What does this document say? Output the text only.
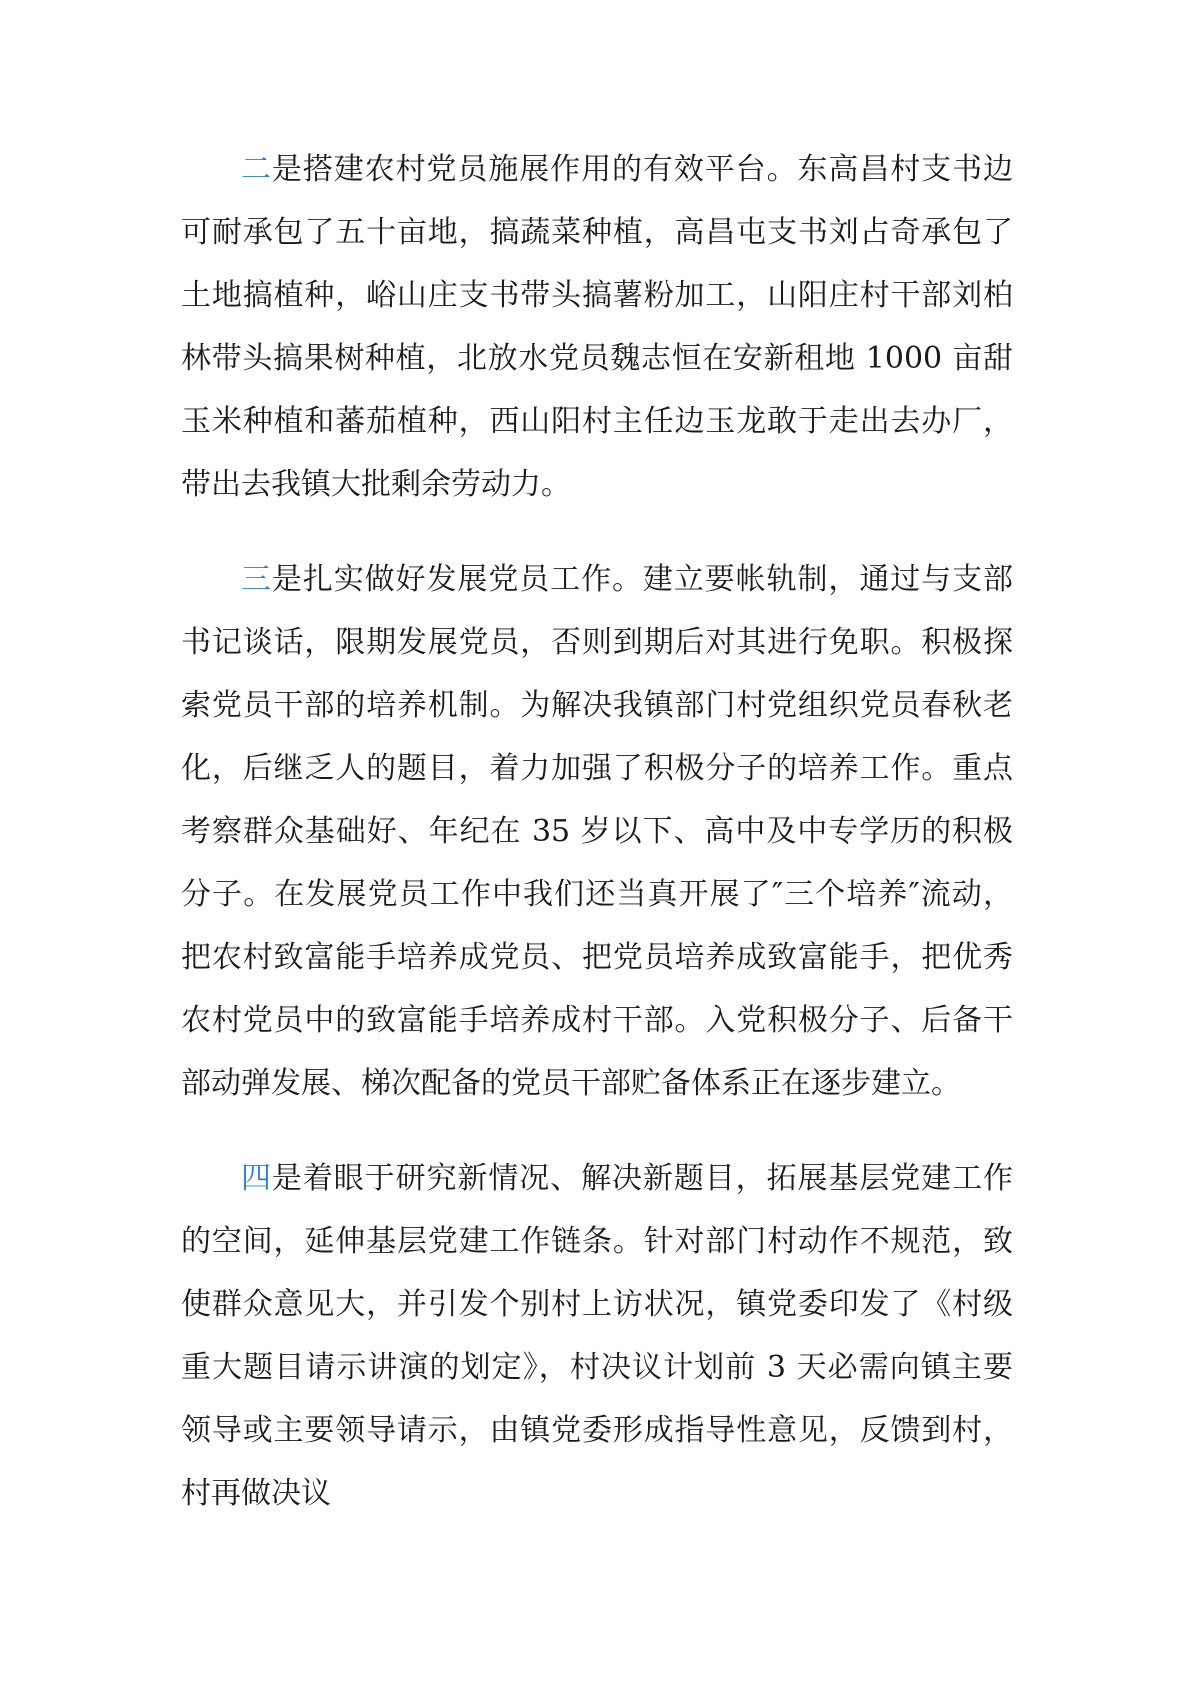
二是搭建农村党员施展作用的有效平台。东高昌村支书边可耐承包了五十亩地，搞蔬菜种植，高昌屯支书刘占奇承包了土地搞植种，峪山庄支书带头搞薯粉加工，山阳庄村干部刘柏林带头搞果树种植，北放水党员魏志恒在安新租地 1000 亩甜玉米种植和蕃茄植种，西山阳村主任边玉龙敢于走出去办厂，带出去我镇大批剩余劳动力。

三是扎实做好发展党员工作。建立要帐轨制，通过与支部书记谈话，限期发展党员，否则到期后对其进行免职。积极探索党员干部的培养机制。为解决我镇部门村党组织党员春秋老化，后继乏人的题目，着力加强了积极分子的培养工作。重点考察群众基础好、年纪在 35 岁以下、高中及中专学历的积极分子。在发展党员工作中我们还当真开展了″三个培养″流动，把农村致富能手培养成党员、把党员培养成致富能手，把优秀农村党员中的致富能手培养成村干部。入党积极分子、后备干部动弹发展、梯次配备的党员干部贮备体系正在逐步建立。

四是着眼于研究新情况、解决新题目，拓展基层党建工作的空间，延伸基层党建工作链条。针对部门村动作不规范，致使群众意见大，并引发个别村上访状况，镇党委印发了《村级重大题目请示讲演的划定》，村决议计划前 3 天必需向镇主要领导或主要领导请示，由镇党委形成指导性意见，反馈到村，村再做决议
